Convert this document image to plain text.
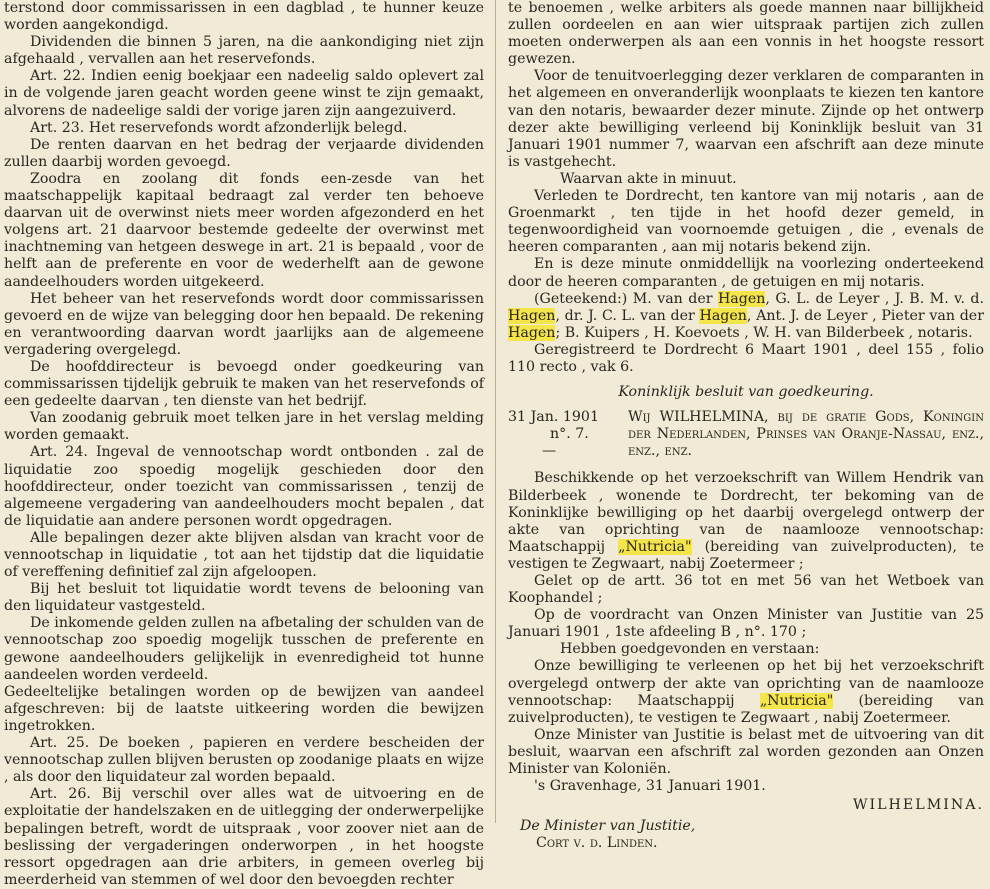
terstond door commissarissen in een dagblad , te hunner keuze worden aangekondigd.

Dividenden die binnen 5 jaren, na die aankondiging niet zijn afgehaald , vervallen aan het reservefonds.

Art. 22. Indien eenig boekjaar een nadeelig saldo oplevert zal in de volgende jaren geacht worden geene winst te zijn gemaakt, alvorens de nadeelige saldi der vorige jaren zijn aangezuiverd.

Art. 23. Het reservefonds wordt afzonderlijk belegd.

De renten daarvan en het bedrag der verjaarde dividenden zullen daarbij worden gevoegd.

Zoodra en zoolang dit fonds een-zesde van het maatschappelijk kapitaal bedraagt zal verder ten behoeve daarvan uit de overwinst niets meer worden afgezonderd en het volgens art. 21 daarvoor bestemde gedeelte der overwinst met inachtneming van hetgeen deswege in art. 21 is bepaald , voor de helft aan de preferente en voor de wederhelft aan de gewone aandeelhouders worden uitgekeerd.

Het beheer van het reservefonds wordt door commissarissen gevoerd en de wijze van belegging door hen bepaald. De rekening en verantwoording daarvan wordt jaarlijks aan de algemeene vergadering overgelegd.

De hoofddirecteur is bevoegd onder goedkeuring van commissarissen tijdelijk gebruik te maken van het reservefonds of een gedeelte daarvan , ten dienste van het bedrijf.

Van zoodanig gebruik moet telken jare in het verslag melding worden gemaakt.

Art. 24. Ingeval de vennootschap wordt ontbonden . zal de liquidatie zoo spoedig mogelijk geschieden door den hoofddirecteur, onder toezicht van commissarissen , tenzij de algemeene vergadering van aandeelhouders mocht bepalen , dat de liquidatie aan andere personen wordt opgedragen.

Alle bepalingen dezer akte blijven alsdan van kracht voor de vennootschap in liquidatie , tot aan het tijdstip dat die liquidatie of vereffening definitief zal zijn afgeloopen.

Bij het besluit tot liquidatie wordt tevens de belooning van den liquidateur vastgesteld.

De inkomende gelden zullen na afbetaling der schulden van de vennootschap zoo spoedig mogelijk tusschen de preferente en gewone aandeelhouders gelijkelijk in evenredigheid tot hunne aandeelen worden verdeeld.

Gedeeltelijke betalingen worden op de bewijzen van aandeel afgeschreven: bij de laatste uitkeering worden die bewijzen ingetrokken.

Art. 25. De boeken , papieren en verdere bescheiden der vennootschap zullen blijven berusten op zoodanige plaats en wijze , als door den liquidateur zal worden bepaald.

Art. 26. Bij verschil over alles wat de uitvoering en de exploitatie der handelszaken en de uitlegging der onderwerpelijke bepalingen betreft, wordt de uitspraak , voor zoover niet aan de beslissing der vergaderingen onderworpen , in het hoogste ressort opgedragen aan drie arbiters, in gemeen overleg bij meerderheid van stemmen of wel door den bevoegden rechter

te benoemen , welke arbiters als goede mannen naar billijkheid zullen oordeelen en aan wier uitspraak partijen zich zullen moeten onderwerpen als aan een vonnis in het hoogste ressort gewezen.

Voor de tenuitvoerlegging dezer verklaren de comparanten in het algemeen en onveranderlijk woonplaats te kiezen ten kantore van den notaris, bewaarder dezer minute. Zijnde op het ontwerp dezer akte bewilliging verleend bij Koninklijk besluit van 31 Januari 1901 nummer 7, waarvan een afschrift aan deze minute is vastgehecht.

Waarvan akte in minuut.

Verleden te Dordrecht, ten kantore van mij notaris , aan de Groenmarkt , ten tijde in het hoofd dezer gemeld, in tegenwoordigheid van voornoemde getuigen , die , evenals de heeren comparanten , aan mij notaris bekend zijn.

En is deze minute onmiddellijk na voorlezing onderteekend door de heeren comparanten , de getuigen en mij notaris.

(Geteekend:) M. van der Hagen, G. L. de Leyer , J. B. M. v. d. Hagen, dr. J. C. L. van der Hagen, Ant. J. de Leyer , Pieter van der Hagen; B. Kuipers , H. Koevoets , W. H. van Bilderbeek , notaris.

Geregistreerd te Dordrecht 6 Maart 1901 , deel 155 , folio 110 recto , vak 6.

Koninklijk besluit van goedkeuring.

31 Jan. 1901
n°. 7.
—
Wij WILHELMINA, bij de gratie Gods, Koningin der Nederlanden, Prinses van Oranje-Nassau, enz., enz., enz.

Beschikkende op het verzoekschrift van Willem Hendrik van Bilderbeek , wonende te Dordrecht, ter bekoming van de Koninklijke bewilliging op het daarbij overgelegd ontwerp der akte van oprichting van de naamlooze vennootschap: Maatschappij „Nutricia" (bereiding van zuivelproducten), te vestigen te Zegwaart, nabij Zoetermeer ;

Gelet op de artt. 36 tot en met 56 van het Wetboek van Koophandel ;

Op de voordracht van Onzen Minister van Justitie van 25 Januari 1901 , 1ste afdeeling B , n°. 170 ;

Hebben goedgevonden en verstaan:

Onze bewilliging te verleenen op het bij het verzoekschrift overgelegd ontwerp der akte van oprichting van de naamlooze vennootschap: Maatschappij „Nutricia" (bereiding van zuivelproducten), te vestigen te Zegwaart , nabij Zoetermeer.

Onze Minister van Justitie is belast met de uitvoering van dit besluit, waarvan een afschrift zal worden gezonden aan Onzen Minister van Koloniën.

's Gravenhage, 31 Januari 1901.

WILHELMINA.

De Minister van Justitie,
Cort v. d. Linden.
